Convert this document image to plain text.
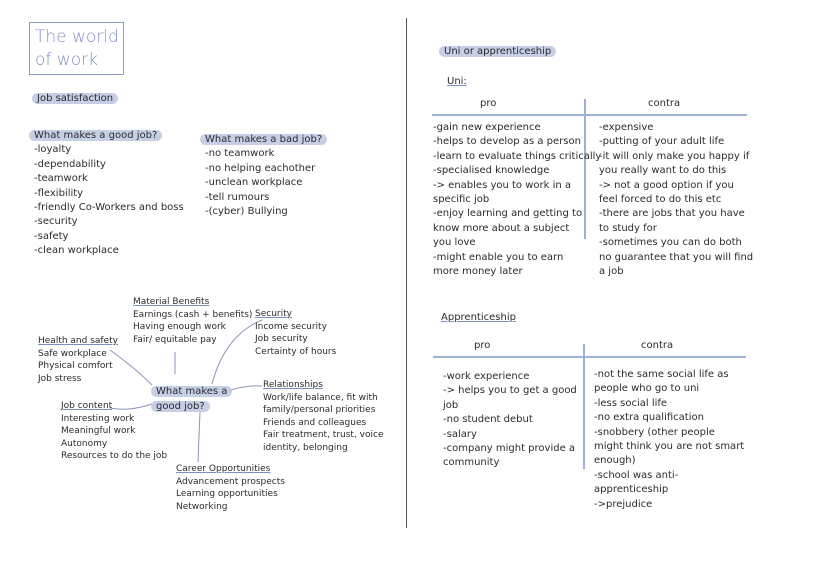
The world of work
Job satisfaction
What makes a good job?
-loyalty
-dependability
-teamwork
-flexibility
-friendly Co-Workers and boss
-security
-safety
-clean workplace
What makes a bad job?
-no teamwork
-no helping eachother
-unclean workplace
-tell rumours
-(cyber) Bullying
What makes a
good job?
Material Benefits
Earnings (cash + benefits)
Having enough work
Fair/ equitable pay
Security
Income security
Job security
Certainty of hours
Health and safety
Safe workplace
Physical comfort
Job stress
Relationships
Work/life balance, fit with
family/personal priorities
Friends and colleagues
Fair treatment, trust, voice
identity, belonging
Job content
Interesting work
Meaningful work
Autonomy
Resources to do the job
Career Opportunities
Advancement prospects
Learning opportunities
Networking
Uni or apprenticeship
Uni:
pro	contra
-gain new experience
-helps to develop as a person
-learn to evaluate things critically
-specialised knowledge
-> enables you to work in a
specific job
-enjoy learning and getting to
know more about a subject
you love
-might enable you to earn
more money later
-expensive
-putting of your adult life
-it will only make you happy if
you really want to do this
-> not a good option if you
feel forced to do this etc
-there are jobs that you have
to study for
-sometimes you can do both
no guarantee that you will find
a job
Apprenticeship
pro	contra
-work experience
-> helps you to get a good
job
-no student debut
-salary
-company might provide a
community
-not the same social life as
people who go to uni
-less social life
-no extra qualification
-snobbery (other people
might think you are not smart
enough)
-school was anti-
apprenticeship
->prejudice
